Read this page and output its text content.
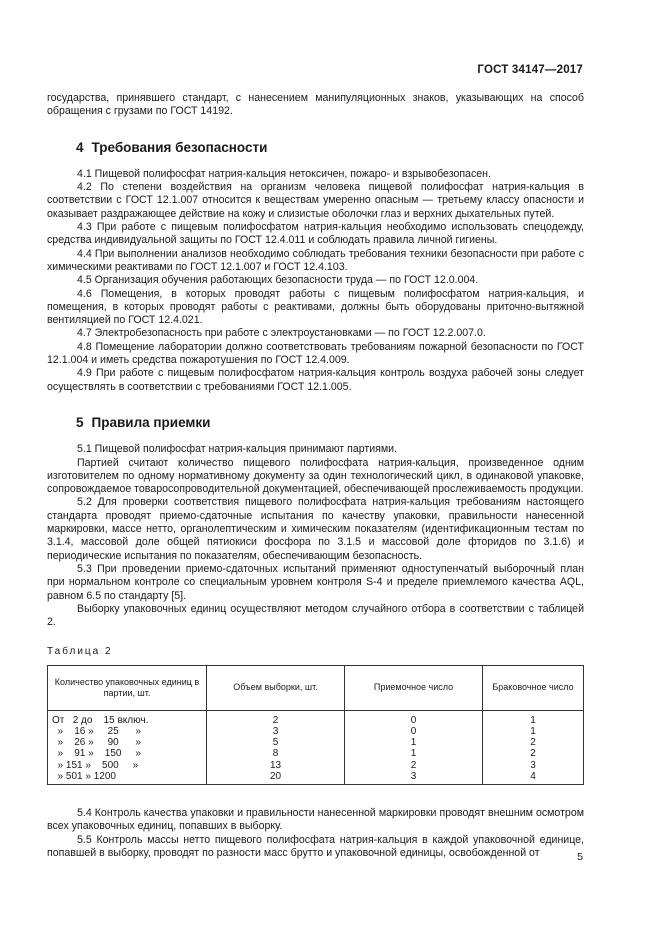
ГОСТ 34147—2017

государства, принявшего стандарт, с нанесением манипуляционных знаков, указывающих на способ обращения с грузами по ГОСТ 14192.

4 Требования безопасности

4.1 Пищевой полифосфат натрия-кальция нетоксичен, пожаро- и взрывобезопасен.

4.2 По степени воздействия на организм человека пищевой полифосфат натрия-кальция в соответствии с ГОСТ 12.1.007 относится к веществам умеренно опасным — третьему классу опасности и оказывает раздражающее действие на кожу и слизистые оболочки глаз и верхних дыхательных путей.

4.3 При работе с пищевым полифосфатом натрия-кальция необходимо использовать спецодежду, средства индивидуальной защиты по ГОСТ 12.4.011 и соблюдать правила личной гигиены.

4.4 При выполнении анализов необходимо соблюдать требования техники безопасности при работе с химическими реактивами по ГОСТ 12.1.007 и ГОСТ 12.4.103.

4.5 Организация обучения работающих безопасности труда — по ГОСТ 12.0.004.

4.6 Помещения, в которых проводят работы с пищевым полифосфатом натрия-кальция, и помещения, в которых проводят работы с реактивами, должны быть оборудованы приточно-вытяжной вентиляцией по ГОСТ 12.4.021.

4.7 Электробезопасность при работе с электроустановками — по ГОСТ 12.2.007.0.

4.8 Помещение лаборатории должно соответствовать требованиям пожарной безопасности по ГОСТ 12.1.004 и иметь средства пожаротушения по ГОСТ 12.4.009.

4.9 При работе с пищевым полифосфатом натрия-кальция контроль воздуха рабочей зоны следует осуществлять в соответствии с требованиями ГОСТ 12.1.005.

5 Правила приемки

5.1 Пищевой полифосфат натрия-кальция принимают партиями.

Партией считают количество пищевого полифосфата натрия-кальция, произведенное одним изготовителем по одному нормативному документу за один технологический цикл, в одинаковой упаковке, сопровождаемое товаросопроводительной документацией, обеспечивающей прослеживаемость продукции.

5.2 Для проверки соответствия пищевого полифосфата натрия-кальция требованиям настоящего стандарта проводят приемо-сдаточные испытания по качеству упаковки, правильности нанесенной маркировки, массе нетто, органолептическим и химическим показателям (идентификационным тестам по 3.1.4, массовой доле общей пятиокиси фосфора по 3.1.5 и массовой доле фторидов по 3.1.6) и периодические испытания по показателям, обеспечивающим безопасность.

5.3 При проведении приемо-сдаточных испытаний применяют одноступенчатый выборочный план при нормальном контроле со специальным уровнем контроля S-4 и пределе приемлемого качества AQL, равном 6.5 по стандарту [5].

Выборку упаковочных единиц осуществляют методом случайного отбора в соответствии с таблицей 2.

Таблица 2
Количество упаковочных единиц в партии, шт.	Объем выборки, шт.	Приемочное число	Браковочное число
От   2 до    15 включ.	2	0	1
»    16 »     25      »	3	0	1
»    26 »     90      »	5	1	2
»    91 »    150     »	8	1	2
» 151 »    500     »	13	2	3
» 501 » 1200	20	3	4

5.4 Контроль качества упаковки и правильности нанесенной маркировки проводят внешним осмотром всех упаковочных единиц, попавших в выборку.

5.5 Контроль массы нетто пищевого полифосфата натрия-кальция в каждой упаковочной единице, попавшей в выборку, проводят по разности масс брутто и упаковочной единицы, освобожденной от	5
